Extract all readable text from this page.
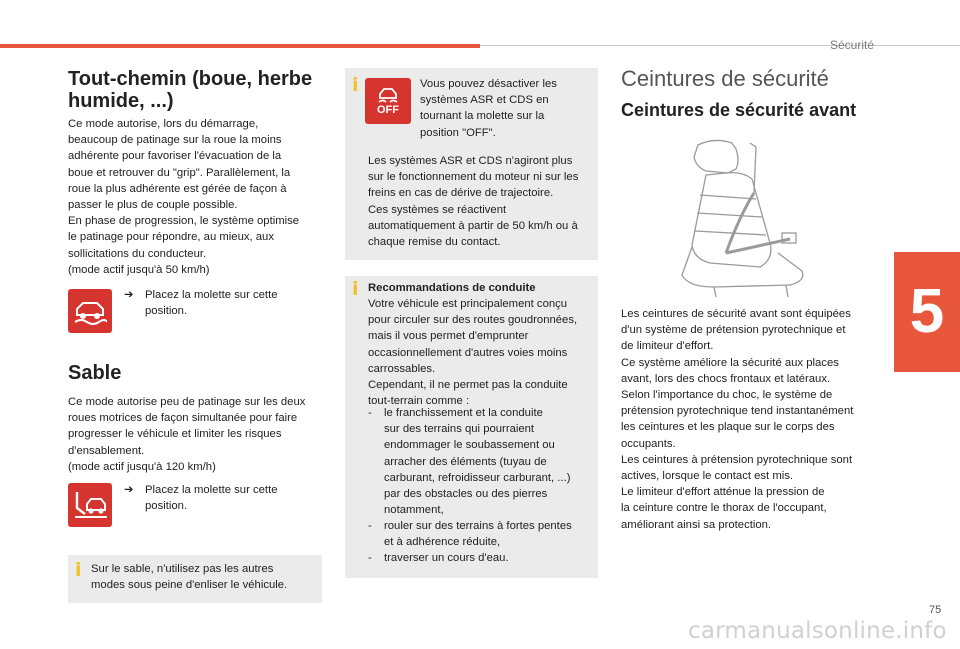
Sécurité
5
Tout-chemin (boue, herbe humide, ...)
Ce mode autorise, lors du démarrage,
beaucoup de patinage sur la roue la moins
adhérente pour favoriser l'évacuation de la
boue et retrouver du "grip". Parallèlement, la
roue la plus adhérente est gérée de façon à
passer le plus de couple possible.
En phase de progression, le système optimise
le patinage pour répondre, au mieux, aux
sollicitations du conducteur.
(mode actif jusqu'à 50 km/h)

➔ Placez la molette sur cette
position.

Sable
Ce mode autorise peu de patinage sur les deux
roues motrices de façon simultanée pour faire
progresser le véhicule et limiter les risques
d'ensablement.
(mode actif jusqu'à 120 km/h)

➔ Placez la molette sur cette
position.

i Sur le sable, n'utilisez pas les autres
modes sous peine d'enliser le véhicule.
i
OFF
Vous pouvez désactiver les
systèmes ASR et CDS en
tournant la molette sur la
position "OFF".
Les systèmes ASR et CDS n'agiront plus
sur le fonctionnement du moteur ni sur les
freins en cas de dérive de trajectoire.
Ces systèmes se réactivent
automatiquement à partir de 50 km/h ou à
chaque remise du contact.
i Recommandations de conduite
Votre véhicule est principalement conçu
pour circuler sur des routes goudronnées,
mais il vous permet d'emprunter
occasionnellement d'autres voies moins
carrossables.
Cependant, il ne permet pas la conduite
tout-terrain comme :

- le franchissement et la conduite
sur des terrains qui pourraient
endommager le soubassement ou
arracher des éléments (tuyau de
carburant, refroidisseur carburant, ...)
par des obstacles ou des pierres
notamment,

- rouler sur des terrains à fortes pentes
et à adhérence réduite,

- traverser un cours d'eau.

Ceintures de sécurité
Ceintures de sécurité avant
Les ceintures de sécurité avant sont équipées
d'un système de prétension pyrotechnique et
de limiteur d'effort.
Ce système améliore la sécurité aux places
avant, lors des chocs frontaux et latéraux.
Selon l'importance du choc, le système de
prétension pyrotechnique tend instantanément
les ceintures et les plaque sur le corps des
occupants.
Les ceintures à prétension pyrotechnique sont
actives, lorsque le contact est mis.
Le limiteur d'effort atténue la pression de
la ceinture contre le thorax de l'occupant,
améliorant ainsi sa protection.
75
carmanualsonline.info
